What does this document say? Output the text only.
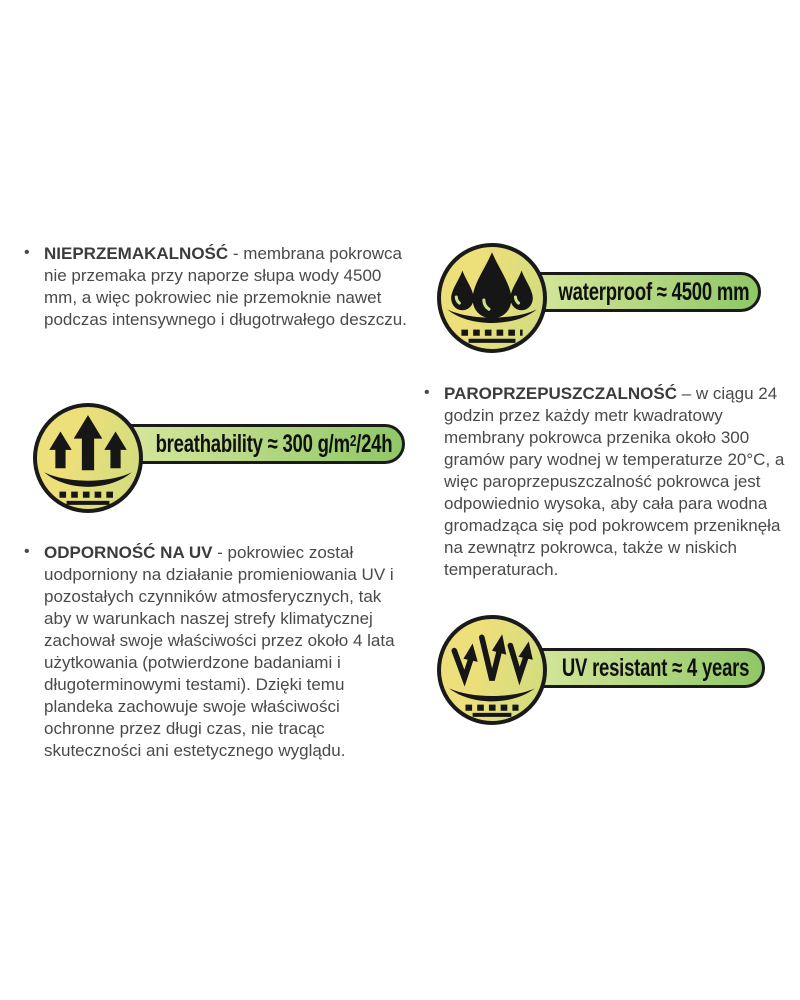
• NIEPRZEMAKALNOŚĆ - membrana pokrowca nie przemaka przy naporze słupa wody 4500 mm, a więc pokrowiec nie przemoknie nawet podczas intensywnego i długotrwałego deszczu.

waterproof ≈ 4500 mm
breathability ≈ 300 $g/m^2/24h$
• PAROPRZEPUSZCZALNOŚĆ – w ciągu 24 godzin przez każdy metr kwadratowy membrany pokrowca przenika około 300 gramów pary wodnej w temperaturze 20°C, a więc paroprzepuszczalność pokrowca jest odpowiednio wysoka, aby cała para wodna gromadząca się pod pokrowcem przeniknęła na zewnątrz pokrowca, także w niskich temperaturach.

• ODPORNOŚĆ NA UV - pokrowiec został uodporniony na działanie promieniowania UV i pozostałych czynników atmosferycznych, tak aby w warunkach naszej strefy klimatycznej zachował swoje właściwości przez około 4 lata użytkowania (potwierdzone badaniami i długoterminowymi testami). Dzięki temu plandeka zachowuje swoje właściwości ochronne przez długi czas, nie tracąc skuteczności ani estetycznego wyglądu.

UV resistant ≈ 4 years
